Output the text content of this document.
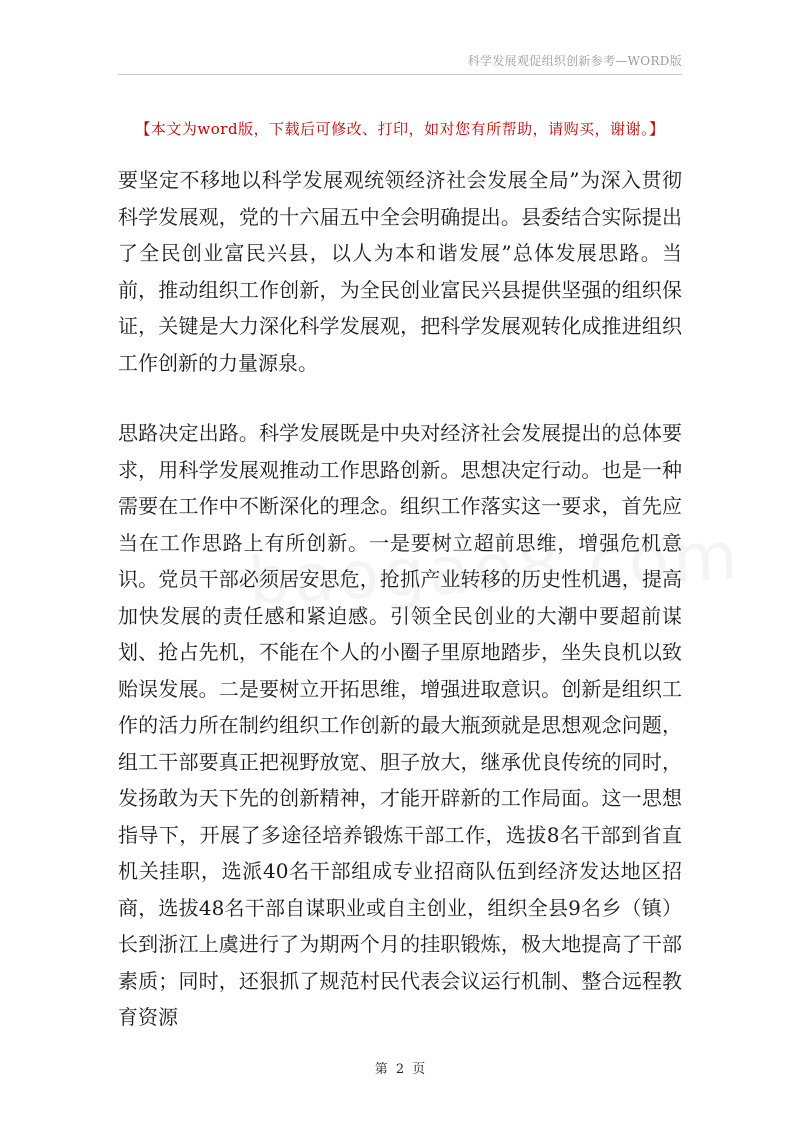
科学发展观促组织创新参考—WORD版
【本文为word版，下载后可修改、打印，如对您有所帮助，请购买，谢谢。】

要坚定不移地以科学发展观统领经济社会发展全局”为深入贯彻科学发展观，党的十六届五中全会明确提出。县委结合实际提出了全民创业富民兴县，以人为本和谐发展”总体发展思路。当前，推动组织工作创新，为全民创业富民兴县提供坚强的组织保证，关键是大力深化科学发展观，把科学发展观转化成推进组织工作创新的力量源泉。

思路决定出路。科学发展既是中央对经济社会发展提出的总体要求，用科学发展观推动工作思路创新。思想决定行动。也是一种需要在工作中不断深化的理念。组织工作落实这一要求，首先应当在工作思路上有所创新。一是要树立超前思维，增强危机意识。党员干部必须居安思危，抢抓产业转移的历史性机遇，提高加快发展的责任感和紧迫感。引领全民创业的大潮中要超前谋划、抢占先机，不能在个人的小圈子里原地踏步，坐失良机以致贻误发展。二是要树立开拓思维，增强进取意识。创新是组织工作的活力所在制约组织工作创新的最大瓶颈就是思想观念问题，组工干部要真正把视野放宽、胆子放大，继承优良传统的同时，发扬敢为天下先的创新精神，才能开辟新的工作局面。这一思想指导下，开展了多途径培养锻炼干部工作，选拔8名干部到省直机关挂职，选派40名干部组成专业招商队伍到经济发达地区招商，选拔48名干部自谋职业或自主创业，组织全县9名乡（镇）长到浙江上虞进行了为期两个月的挂职锻炼，极大地提高了干部素质；同时，还狠抓了规范村民代表会议运行机制、整合远程教育资源

第 2 页
